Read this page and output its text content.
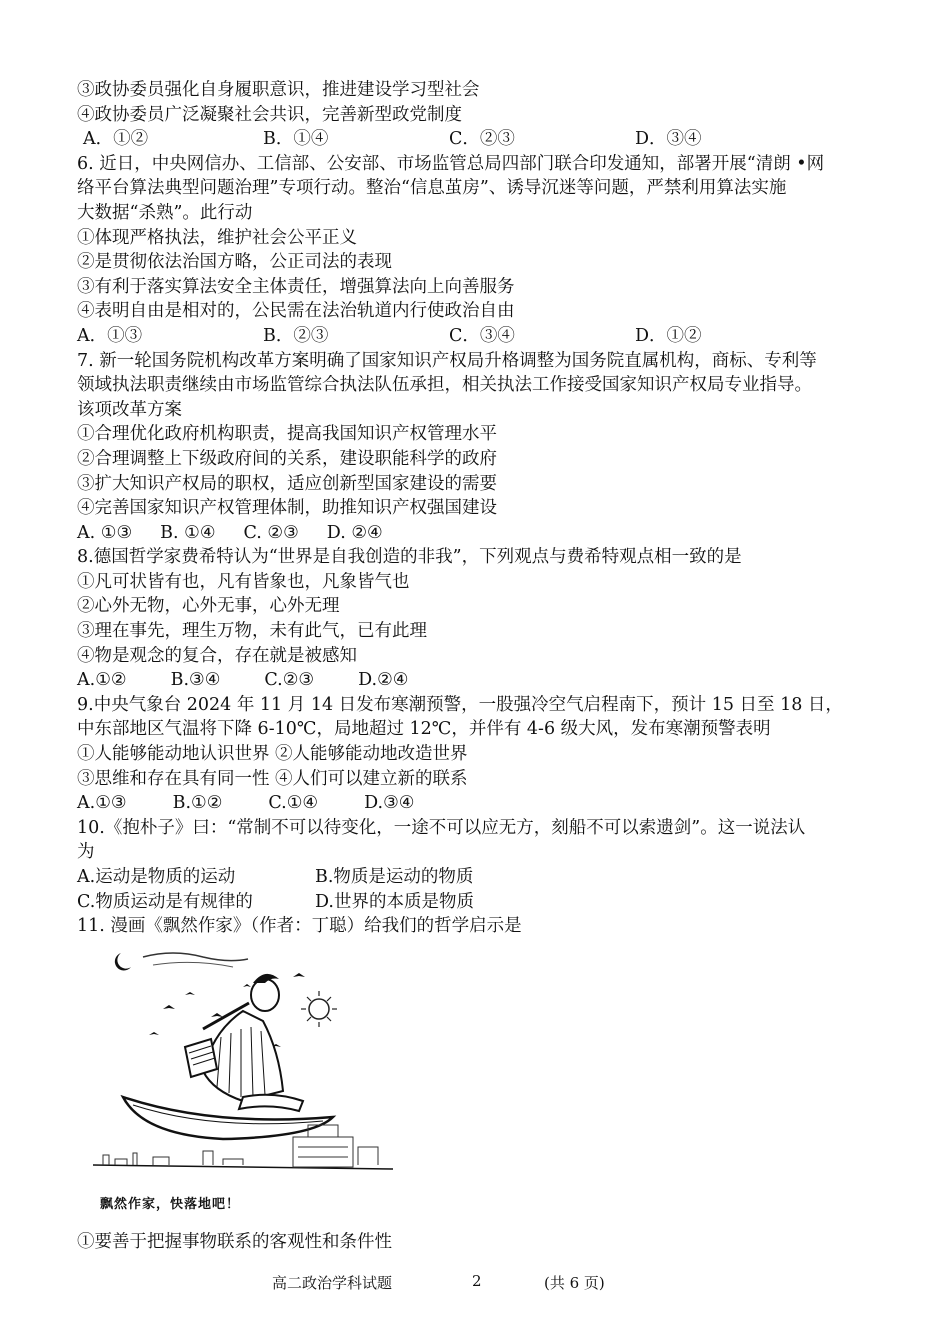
③政协委员强化自身履职意识，推进建设学习型社会
④政协委员广泛凝聚社会共识，完善新型政党制度
A．①②	B．①④	C．②③	D．③④
6. 近日，中央网信办、工信部、公安部、市场监管总局四部门联合印发通知，部署开展“清朗 •网
络平台算法典型问题治理”专项行动。整治“信息茧房”、诱导沉迷等问题，严禁利用算法实施
大数据“杀熟”。此行动
①体现严格执法，维护社会公平正义
②是贯彻依法治国方略，公正司法的表现
③有利于落实算法安全主体责任，增强算法向上向善服务
④表明自由是相对的，公民需在法治轨道内行使政治自由
A．①③	B．②③	C．③④	D．①②
7. 新一轮国务院机构改革方案明确了国家知识产权局升格调整为国务院直属机构，商标、专利等
领域执法职责继续由市场监管综合执法队伍承担，相关执法工作接受国家知识产权局专业指导。
该项改革方案
①合理优化政府机构职责，提高我国知识产权管理水平
②合理调整上下级政府间的关系，建设职能科学的政府
③扩大知识产权局的职权，适应创新型国家建设的需要
④完善国家知识产权管理体制，助推知识产权强国建设
A. ①③ B. ①④ C. ②③ D. ②④
8.德国哲学家费希特认为“世界是自我创造的非我”，下列观点与费希特观点相一致的是
①凡可状皆有也，凡有皆象也，凡象皆气也
②心外无物，心外无事，心外无理
③理在事先，理生万物，未有此气，已有此理
④物是观念的复合，存在就是被感知
A.①②	B.③④	C.②③	D.②④
9.中央气象台 2024 年 11 月 14 日发布寒潮预警，一股强冷空气启程南下，预计 15 日至 18 日，
中东部地区气温将下降 6-10℃，局地超过 12℃，并伴有 4-6 级大风，发布寒潮预警表明
①人能够能动地认识世界 ②人能够能动地改造世界
③思维和存在具有同一性 ④人们可以建立新的联系
A.①③	B.①②	C.①④	D.③④
10.《抱朴子》曰：“常制不可以待变化，一途不可以应无方，刻船不可以索遗剑”。这一说法认
为
A.运动是物质的运动	B.物质是运动的物质
C.物质运动是有规律的	D.世界的本质是物质
11. 漫画《飘然作家》（作者：丁聪）给我们的哲学启示是
飘然作家，快落地吧！
①要善于把握事物联系的客观性和条件性
高二政治学科试题	2	(共 6 页)
